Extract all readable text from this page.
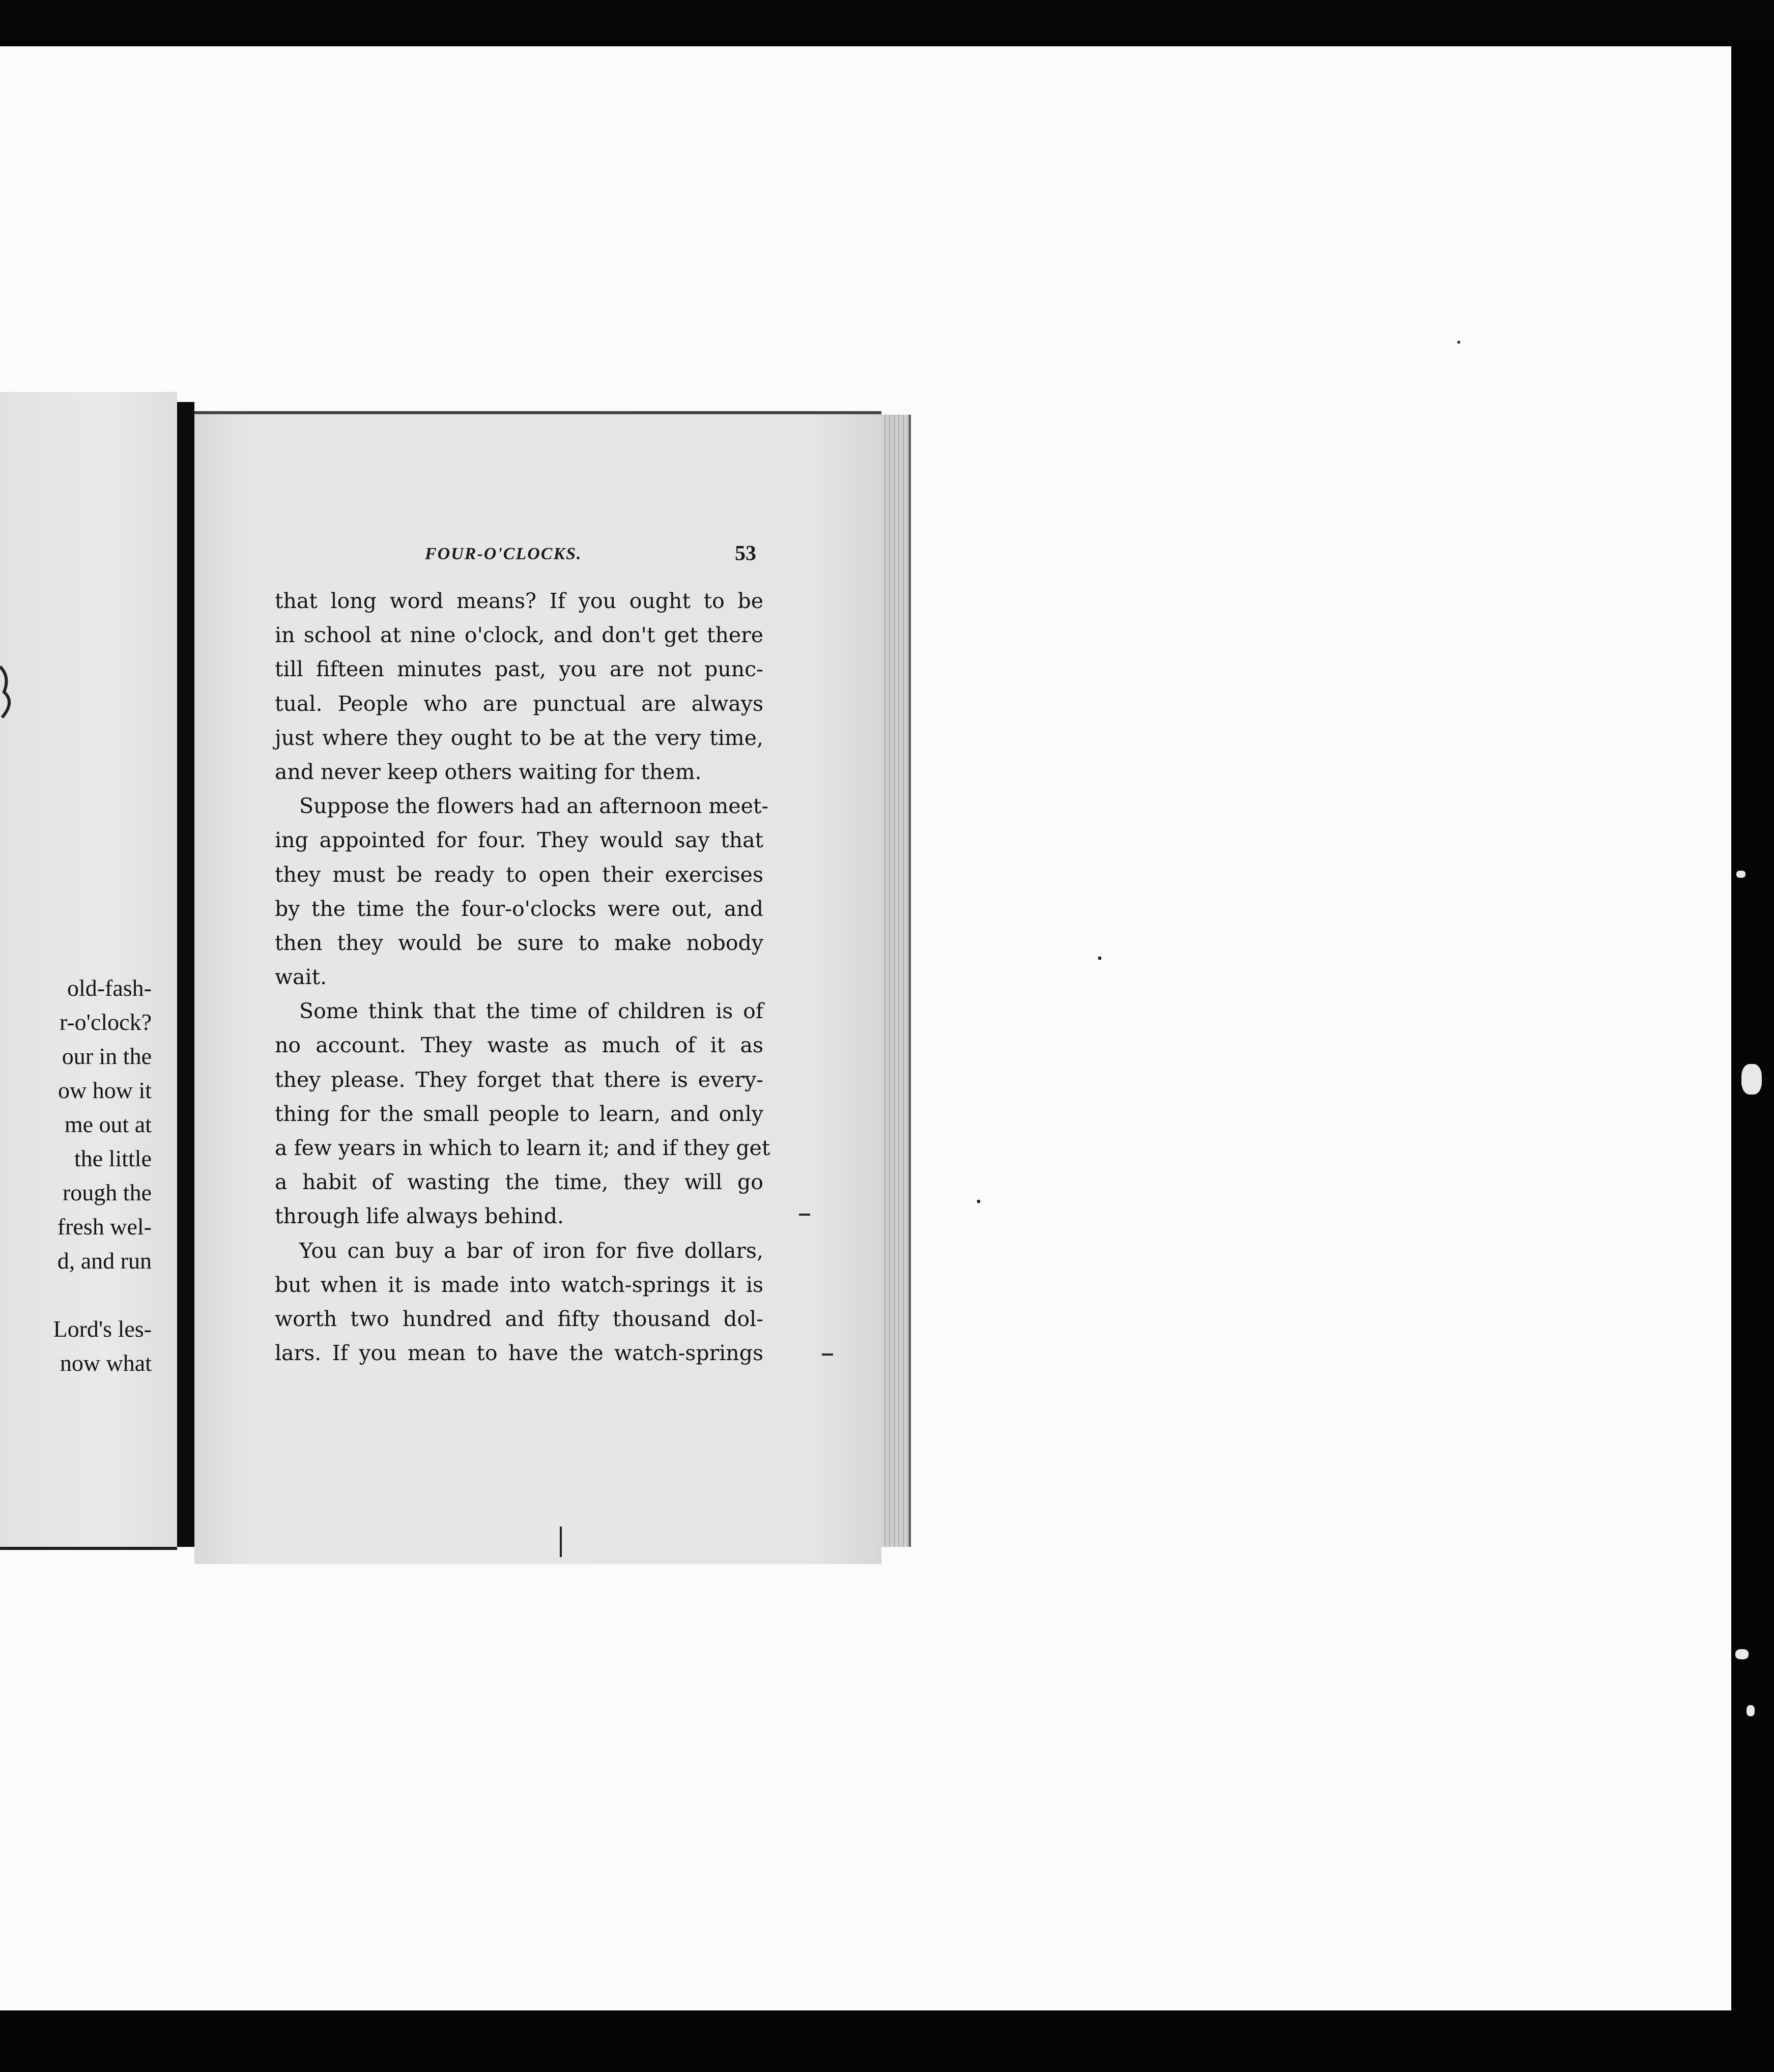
old-fash-
r-o'clock?
our in the
ow how it
me out at
the little
rough the
fresh wel-
d, and run
Lord's les-
now what
FOUR-O'CLOCKS.	53
that long word means? If you ought to be
in school at nine o'clock, and don't get there
till fifteen minutes past, you are not punc-
tual. People who are punctual are always
just where they ought to be at the very time,
and never keep others waiting for them.
Suppose the flowers had an afternoon meet-
ing appointed for four. They would say that
they must be ready to open their exercises
by the time the four-o'clocks were out, and
then they would be sure to make nobody
wait.
Some think that the time of children is of
no account. They waste as much of it as
they please. They forget that there is every-
thing for the small people to learn, and only
a few years in which to learn it; and if they get
a habit of wasting the time, they will go
through life always behind.
You can buy a bar of iron for five dollars,
but when it is made into watch-springs it is
worth two hundred and fifty thousand dol-
lars. If you mean to have the watch-springs
